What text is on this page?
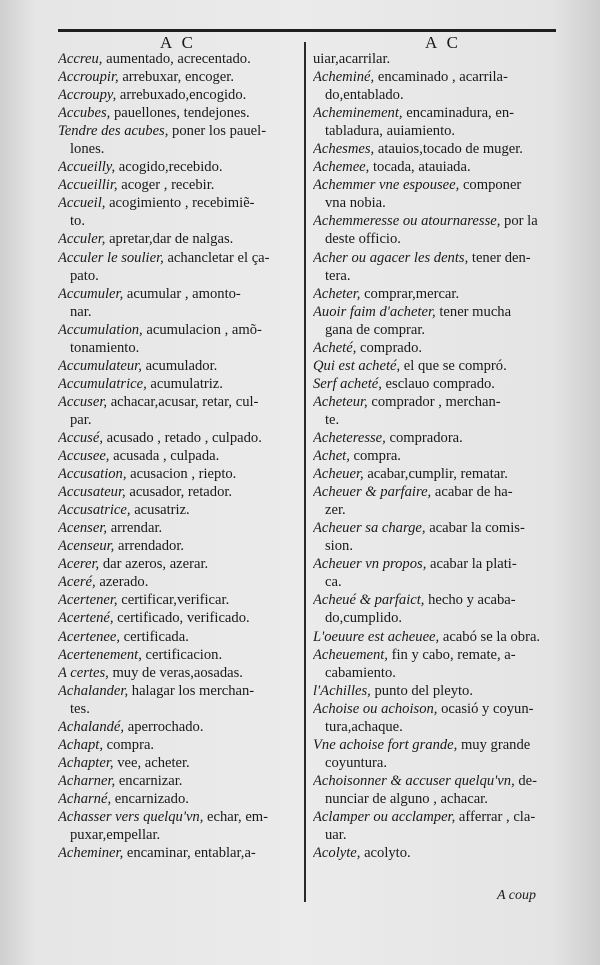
A C	A C
Accreu, aumentado, acrecentado.
Accroupir, arrebuxar, encoger.
Accroupy, arrebuxado,encogido.
Accubes, pauellones, tendejones.
Tendre des acubes, poner los pauel-
lones.
Accueilly, acogido,recebido.
Accueillir, acoger , recebir.
Accueil, acogimiento , recebimiẽ-
to.
Acculer, apretar,dar de nalgas.
Acculer le soulier, achancletar el ça-
pato.
Accumuler, acumular , amonto-
nar.
Accumulation, acumulacion , amõ-
tonamiento.
Accumulateur, acumulador.
Accumulatrice, acumulatriz.
Accuser, achacar,acusar, retar, cul-
par.
Accusé, acusado , retado , culpado.
Accusee, acusada , culpada.
Accusation, acusacion , riepto.
Accusateur, acusador, retador.
Accusatrice, acusatriz.
Acenser, arrendar.
Acenseur, arrendador.
Acerer, dar azeros, azerar.
Aceré, azerado.
Acertener, certificar,verificar.
Acertené, certificado, verificado.
Acertenee, certificada.
Acertenement, certificacion.
A certes, muy de veras,aosadas.
Achalander, halagar los merchan-
tes.
Achalandé, aperrochado.
Achapt, compra.
Achapter, vee, acheter.
Acharner, encarnizar.
Acharné, encarnizado.
Achasser vers quelqu'vn, echar, em-
puxar,empellar.
Acheminer, encaminar, entablar,a-
uiar,acarrilar.
Acheminé, encaminado , acarrila-
do,entablado.
Acheminement, encaminadura, en-
tabladura, auiamiento.
Achesmes, atauios,tocado de muger.
Achemee, tocada, atauiada.
Achemmer vne espousee, componer
vna nobia.
Achemmeresse ou atournaresse, por la
deste officio.
Acher ou agacer les dents, tener den-
tera.
Acheter, comprar,mercar.
Auoir faim d'acheter, tener mucha
gana de comprar.
Acheté, comprado.
Qui est acheté, el que se compró.
Serf acheté, esclauo comprado.
Acheteur, comprador , merchan-
te.
Acheteresse, compradora.
Achet, compra.
Acheuer, acabar,cumplir, rematar.
Acheuer & parfaire, acabar de ha-
zer.
Acheuer sa charge, acabar la comis-
sion.
Acheuer vn propos, acabar la plati-
ca.
Acheué & parfaict, hecho y acaba-
do,cumplido.
L'oeuure est acheuee, acabó se la obra.
Acheuement, fin y cabo, remate, a-
cabamiento.
l'Achilles, punto del pleyto.
Achoise ou achoison, ocasió y coyun-
tura,achaque.
Vne achoise fort grande, muy grande
coyuntura.
Achoisonner & accuser quelqu'vn, de-
nunciar de alguno , achacar.
Aclamper ou acclamper, afferrar , cla-
uar.
Acolyte, acolyto.
A coup
